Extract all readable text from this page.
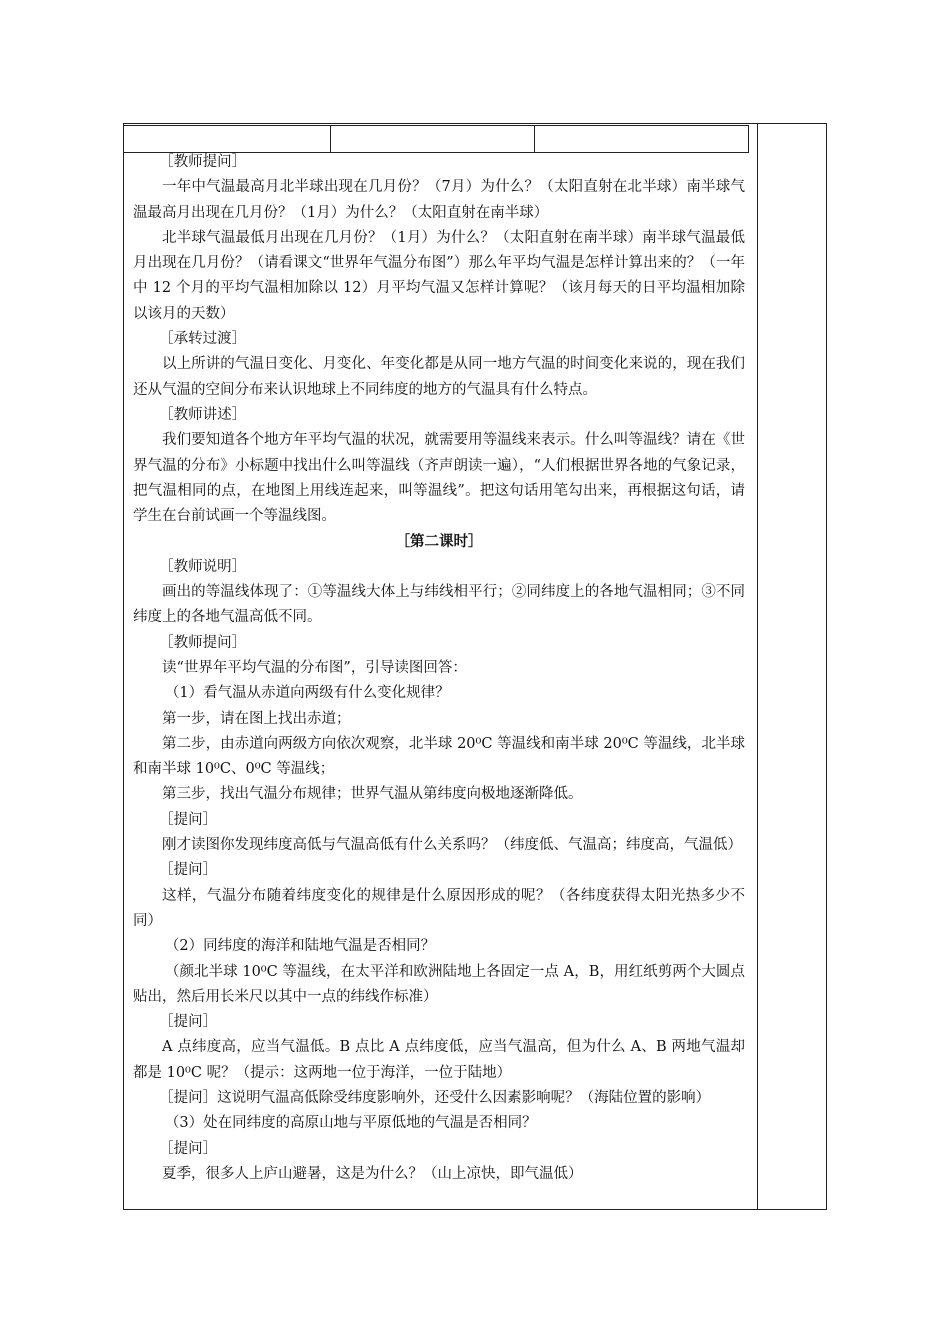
［教师提问］

一年中气温最高月北半球出现在几月份？（7月）为什么？（太阳直射在北半球）南半球气温最高月出现在几月份？（1月）为什么？（太阳直射在南半球）

北半球气温最低月出现在几月份？（1月）为什么？（太阳直射在南半球）南半球气温最低月出现在几月份？（请看课文“世界年气温分布图”）那么年平均气温是怎样计算出来的？（一年中 12 个月的平均气温相加除以 12）月平均气温又怎样计算呢？（该月每天的日平均温相加除以该月的天数）

［承转过渡］

以上所讲的气温日变化、月变化、年变化都是从同一地方气温的时间变化来说的，现在我们还从气温的空间分布来认识地球上不同纬度的地方的气温具有什么特点。

［教师讲述］

我们要知道各个地方年平均气温的状况，就需要用等温线来表示。什么叫等温线？请在《世界气温的分布》小标题中找出什么叫等温线（齐声朗读一遍），“人们根据世界各地的气象记录，把气温相同的点，在地图上用线连起来，叫等温线”。把这句话用笔勾出来，再根据这句话，请学生在台前试画一个等温线图。

［第二课时］

［教师说明］

画出的等温线体现了：①等温线大体上与纬线相平行；②同纬度上的各地气温相同；③不同纬度上的各地气温高低不同。

［教师提问］

读“世界年平均气温的分布图”，引导读图回答：

（1）看气温从赤道向两级有什么变化规律？

第一步，请在图上找出赤道；

第二步，由赤道向两级方向依次观察，北半球 20⁰C 等温线和南半球 20⁰C 等温线，北半球和南半球 10⁰C、0⁰C 等温线；

第三步，找出气温分布规律；世界气温从第纬度向极地逐渐降低。

［提问］

刚才读图你发现纬度高低与气温高低有什么关系吗？（纬度低、气温高；纬度高，气温低）

［提问］

这样，气温分布随着纬度变化的规律是什么原因形成的呢？（各纬度获得太阳光热多少不同）

（2）同纬度的海洋和陆地气温是否相同？

（颜北半球 10⁰C 等温线，在太平洋和欧洲陆地上各固定一点 A，B，用红纸剪两个大圆点贴出，然后用长米尺以其中一点的纬线作标准）

［提问］

A 点纬度高，应当气温低。B 点比 A 点纬度低，应当气温高，但为什么 A、B 两地气温却都是 10⁰C 呢？（提示：这两地一位于海洋，一位于陆地）

［提问］这说明气温高低除受纬度影响外，还受什么因素影响呢？（海陆位置的影响）

（3）处在同纬度的高原山地与平原低地的气温是否相同？

［提问］

夏季，很多人上庐山避暑，这是为什么？（山上凉快，即气温低）
